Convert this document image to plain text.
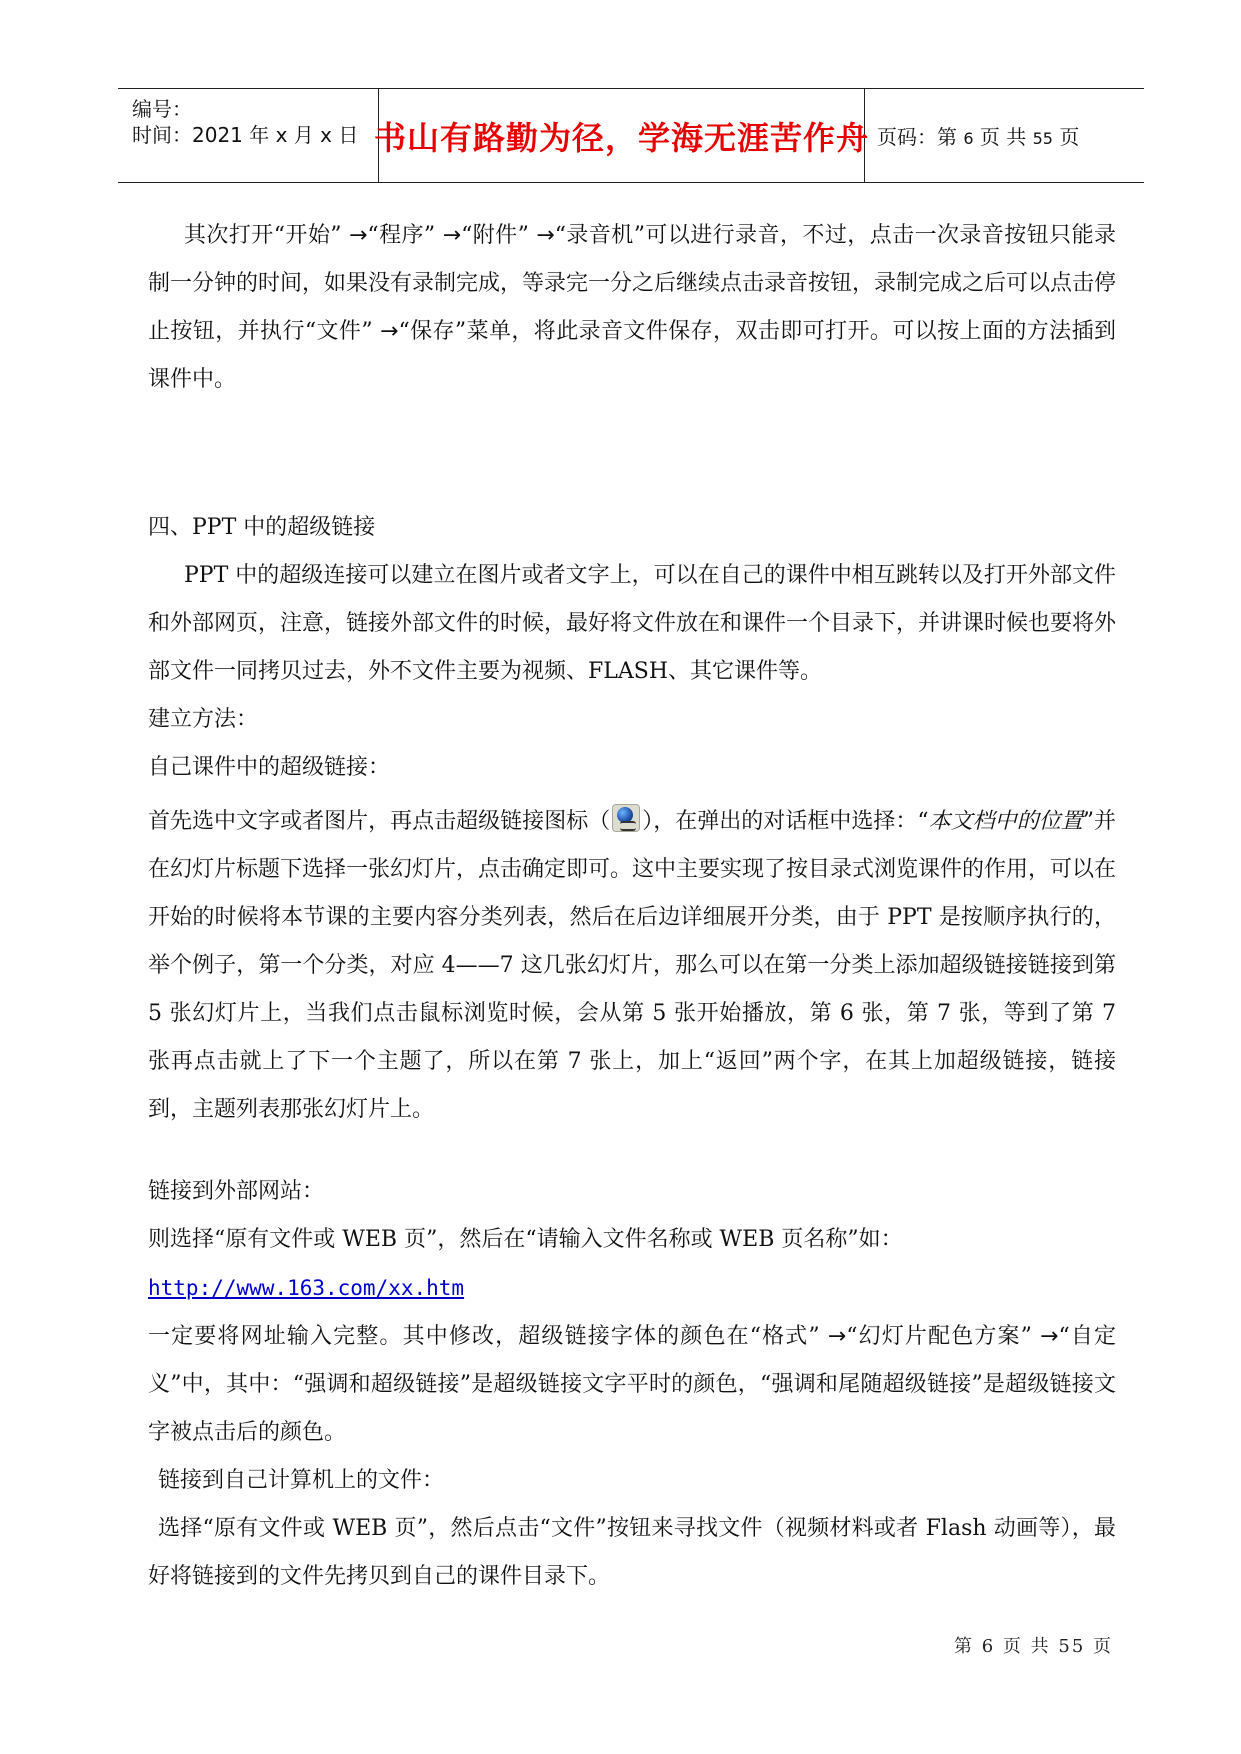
编号：
时间：2021 年 x 月 x 日 书山有路勤为径，学海无涯苦作舟 页码：第 6 页 共 55 页

其次打开“开始” →“程序” →“附件” →“录音机”可以进行录音，不过，点击一次录音按钮只能录制一分钟的时间，如果没有录制完成，等录完一分之后继续点击录音按钮，录制完成之后可以点击停止按钮，并执行“文件” →“保存”菜单，将此录音文件保存，双击即可打开。可以按上面的方法插到课件中。

四、PPT 中的超级链接

PPT 中的超级连接可以建立在图片或者文字上，可以在自己的课件中相互跳转以及打开外部文件和外部网页，注意，链接外部文件的时候，最好将文件放在和课件一个目录下，并讲课时候也要将外部文件一同拷贝过去，外不文件主要为视频、FLASH、其它课件等。

建立方法：

自己课件中的超级链接：

首先选中文字或者图片，再点击超级链接图标（ ），在弹出的对话框中选择：“本文档中的位置”并在幻灯片标题下选择一张幻灯片，点击确定即可。这中主要实现了按目录式浏览课件的作用，可以在开始的时候将本节课的主要内容分类列表，然后在后边详细展开分类，由于 PPT 是按顺序执行的，举个例子，第一个分类，对应 4——7 这几张幻灯片，那么可以在第一分类上添加超级链接链接到第 5 张幻灯片上，当我们点击鼠标浏览时候，会从第 5 张开始播放，第 6 张，第 7 张，等到了第 7 张再点击就上了下一个主题了，所以在第 7 张上，加上“返回”两个字，在其上加超级链接，链接到，主题列表那张幻灯片上。

链接到外部网站：

则选择“原有文件或 WEB 页”，然后在“请输入文件名称或 WEB 页名称”如：

http://www.163.com/xx.htm

一定要将网址输入完整。其中修改，超级链接字体的颜色在“格式” →“幻灯片配色方案” →“自定义”中，其中：“强调和超级链接”是超级链接文字平时的颜色，“强调和尾随超级链接”是超级链接文字被点击后的颜色。

链接到自己计算机上的文件：

选择“原有文件或 WEB 页”，然后点击“文件”按钮来寻找文件（视频材料或者 Flash 动画等），最好将链接到的文件先拷贝到自己的课件目录下。

第 6 页 共 55 页
